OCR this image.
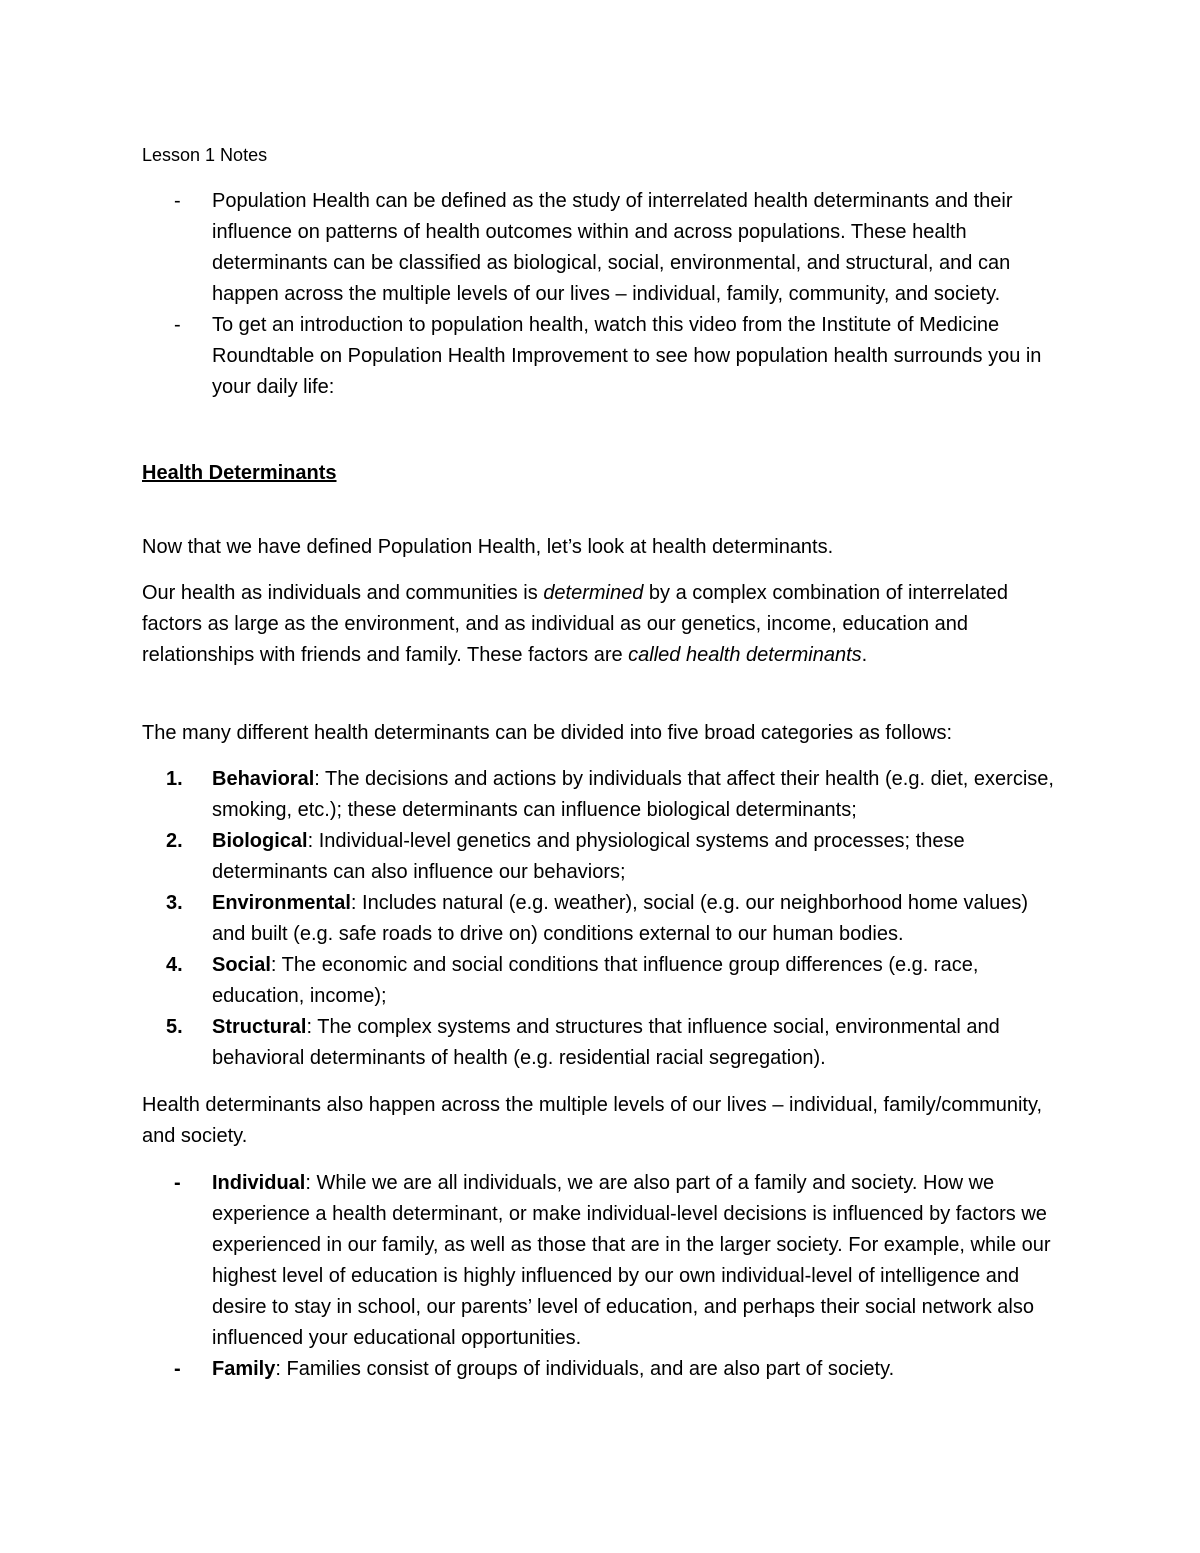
Lesson 1 Notes
- Population Health can be defined as the study of interrelated health determinants and their influence on patterns of health outcomes within and across populations. These health determinants can be classified as biological, social, environmental, and structural, and can happen across the multiple levels of our lives – individual, family, community, and society.
- To get an introduction to population health, watch this video from the Institute of Medicine Roundtable on Population Health Improvement to see how population health surrounds you in your daily life:
Health Determinants

Now that we have defined Population Health, let’s look at health determinants.

Our health as individuals and communities is determined by a complex combination of interrelated factors as large as the environment, and as individual as our genetics, income, education and relationships with friends and family. These factors are called health determinants.

The many different health determinants can be divided into five broad categories as follows:

1. Behavioral: The decisions and actions by individuals that affect their health (e.g. diet, exercise, smoking, etc.); these determinants can influence biological determinants;
2. Biological: Individual-level genetics and physiological systems and processes; these determinants can also influence our behaviors;
3. Environmental: Includes natural (e.g. weather), social (e.g. our neighborhood home values) and built (e.g. safe roads to drive on) conditions external to our human bodies.
4. Social: The economic and social conditions that influence group differences (e.g. race, education, income);
5. Structural: The complex systems and structures that influence social, environmental and behavioral determinants of health (e.g. residential racial segregation).

Health determinants also happen across the multiple levels of our lives – individual, family/community, and society.

- Individual: While we are all individuals, we are also part of a family and society. How we experience a health determinant, or make individual-level decisions is influenced by factors we experienced in our family, as well as those that are in the larger society. For example, while our highest level of education is highly influenced by our own individual-level of intelligence and desire to stay in school, our parents’ level of education, and perhaps their social network also influenced your educational opportunities.
- Family: Families consist of groups of individuals, and are also part of society.
